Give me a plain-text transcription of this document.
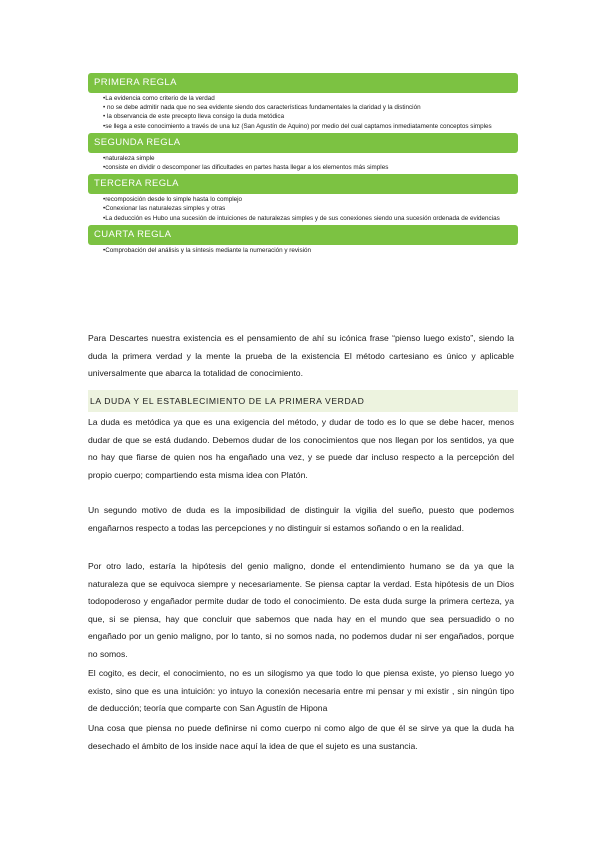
PRIMERA REGLA
•La evidencia como criterio de la verdad
• no se debe admitir nada que no sea evidente siendo dos características fundamentales la claridad y la distinción
• la observancia de este precepto lleva consigo la duda metódica
•se llega a este conocimiento a través de una luz (San Agustín de Aquino) por medio del cual captamos inmediatamente conceptos simples
SEGUNDA REGLA
•naturaleza simple
•consiste en dividir o descomponer las dificultades en partes hasta llegar a los elementos más simples
TERCERA REGLA
•recomposición desde lo simple hasta lo complejo
•Conexionar las naturalezas simples y otras
•La deducción es Hubo una sucesión de intuiciones de naturalezas simples y de sus conexiones siendo una sucesión ordenada de evidencias
CUARTA REGLA
•Comprobación del análisis y la síntesis mediante la numeración y revisión

Para Descartes nuestra existencia es el pensamiento de ahí su icónica frase “pienso luego existo”, siendo la duda la primera verdad y la mente la prueba de la existencia El método cartesiano es único y aplicable universalmente que abarca la totalidad de conocimiento.

LA DUDA Y EL ESTABLECIMIENTO DE LA PRIMERA VERDAD

La duda es metódica ya que es una exigencia del método, y dudar de todo es lo que se debe hacer, menos dudar de que se está dudando. Debemos dudar de los conocimientos que nos llegan por los sentidos, ya que no hay que fiarse de quien nos ha engañado una vez, y se puede dar incluso respecto a la percepción del propio cuerpo; compartiendo esta misma idea con Platón.

Un segundo motivo de duda es la imposibilidad de distinguir la vigilia del sueño, puesto que podemos engañarnos respecto a todas las percepciones y no distinguir si estamos soñando o en la realidad.

Por otro lado, estaría la hipótesis del genio maligno, donde el entendimiento humano se da ya que la naturaleza que se equivoca siempre y necesariamente. Se piensa captar la verdad. Esta hipótesis de un Dios todopoderoso y engañador permite dudar de todo el conocimiento. De esta duda surge la primera certeza, ya que, si se piensa, hay que concluir que sabemos que nada hay en el mundo que sea persuadido o no engañado por un genio maligno, por lo tanto, si no somos nada, no podemos dudar ni ser engañados, porque no somos.

El cogito, es decir, el conocimiento, no es un silogismo ya que todo lo que piensa existe, yo pienso luego yo existo, sino que es una intuición: yo intuyo la conexión necesaria entre mi pensar y mi existir , sin ningún tipo de deducción; teoría que comparte con San Agustín de Hipona

Una cosa que piensa no puede definirse ni como cuerpo ni como algo de que él se sirve ya que la duda ha desechado el ámbito de los inside nace aquí la idea de que el sujeto es una sustancia.
